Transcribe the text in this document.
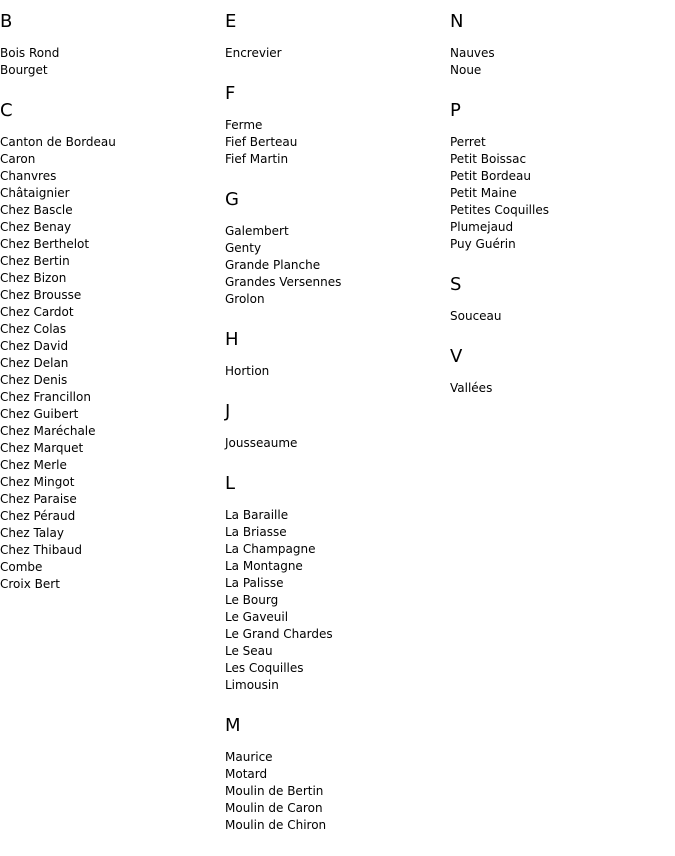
B
Bois Rond
Bourget
C
Canton de Bordeau
Caron
Chanvres
Châtaignier
Chez Bascle
Chez Benay
Chez Berthelot
Chez Bertin
Chez Bizon
Chez Brousse
Chez Cardot
Chez Colas
Chez David
Chez Delan
Chez Denis
Chez Francillon
Chez Guibert
Chez Maréchale
Chez Marquet
Chez Merle
Chez Mingot
Chez Paraise
Chez Péraud
Chez Talay
Chez Thibaud
Combe
Croix Bert
E
Encrevier
F
Ferme
Fief Berteau
Fief Martin
G
Galembert
Genty
Grande Planche
Grandes Versennes
Grolon
H
Hortion
J
Jousseaume
L
La Baraille
La Briasse
La Champagne
La Montagne
La Palisse
Le Bourg
Le Gaveuil
Le Grand Chardes
Le Seau
Les Coquilles
Limousin
M
Maurice
Motard
Moulin de Bertin
Moulin de Caron
Moulin de Chiron
N
Nauves
Noue
P
Perret
Petit Boissac
Petit Bordeau
Petit Maine
Petites Coquilles
Plumejaud
Puy Guérin
S
Souceau
V
Vallées
